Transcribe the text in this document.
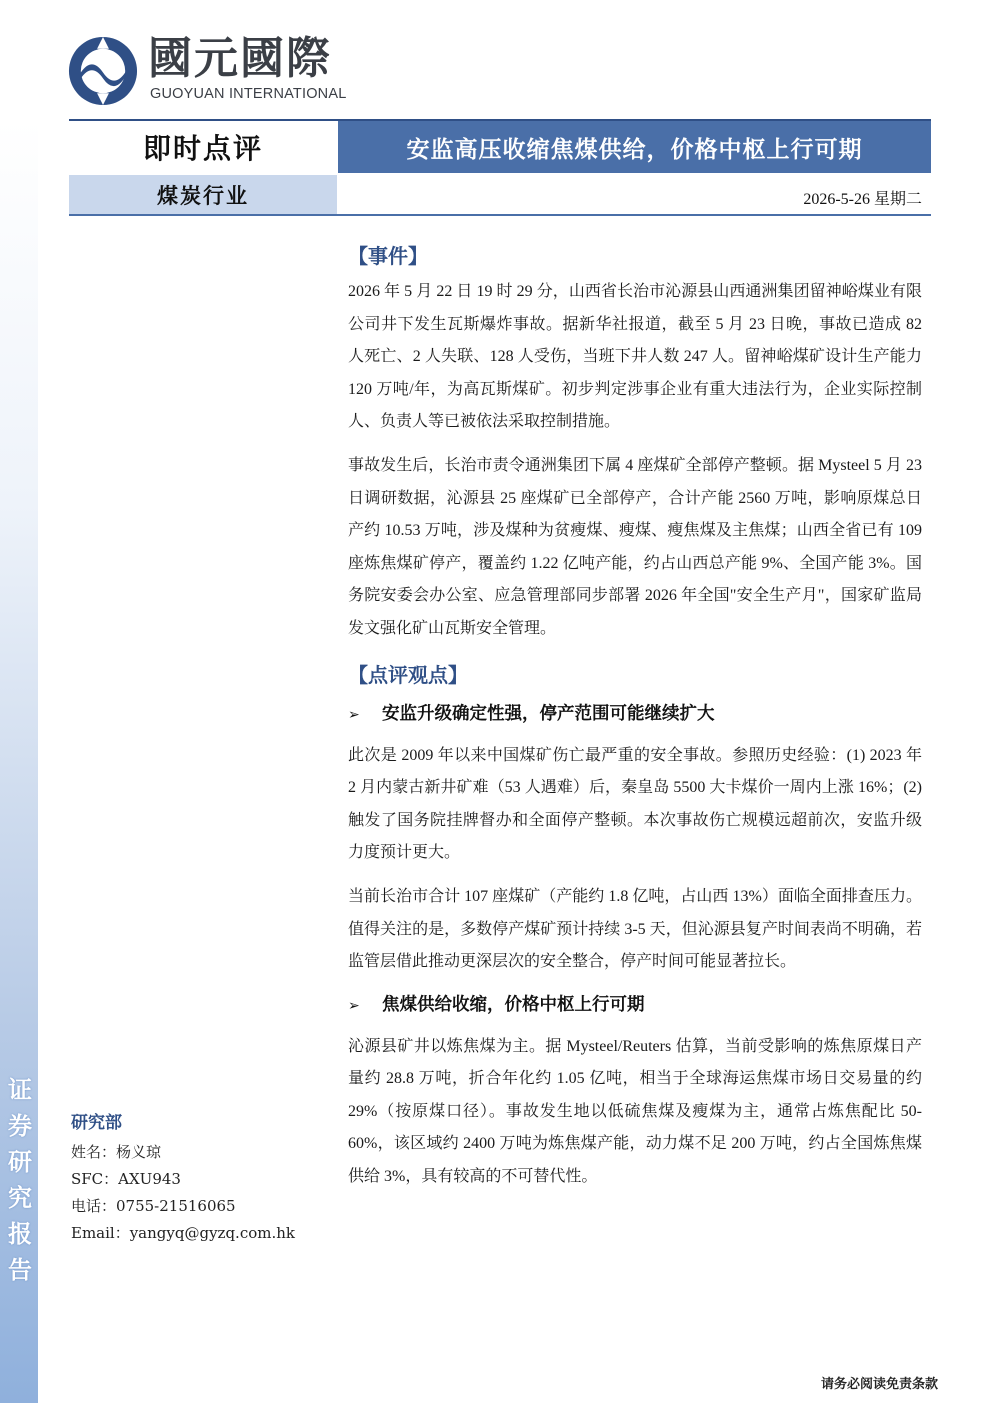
证券研究报告
國元國際
GUOYUAN INTERNATIONAL
即时点评	安监高压收缩焦煤供给，价格中枢上行可期
煤炭行业	2026-5-26 星期二
研究部
姓名：杨义琼
SFC：AXU943
电话：0755-21516065
Email：yangyq@gyzq.com.hk
【事件】

2026 年 5 月 22 日 19 时 29 分，山西省长治市沁源县山西通洲集团留神峪煤业有限公司井下发生瓦斯爆炸事故。据新华社报道，截至 5 月 23 日晚，事故已造成 82 人死亡、2 人失联、128 人受伤，当班下井人数 247 人。留神峪煤矿设计生产能力 120 万吨/年，为高瓦斯煤矿。初步判定涉事企业有重大违法行为，企业实际控制人、负责人等已被依法采取控制措施。

事故发生后，长治市责令通洲集团下属 4 座煤矿全部停产整顿。据 Mysteel 5 月 23 日调研数据，沁源县 25 座煤矿已全部停产，合计产能 2560 万吨，影响原煤总日产约 10.53 万吨，涉及煤种为贫瘦煤、瘦煤、瘦焦煤及主焦煤；山西全省已有 109 座炼焦煤矿停产，覆盖约 1.22 亿吨产能，约占山西总产能 9%、全国产能 3%。国务院安委会办公室、应急管理部同步部署 2026 年全国"安全生产月"，国家矿监局发文强化矿山瓦斯安全管理。

【点评观点】
➢ 安监升级确定性强，停产范围可能继续扩大

此次是 2009 年以来中国煤矿伤亡最严重的安全事故。参照历史经验：(1) 2023 年 2 月内蒙古新井矿难（53 人遇难）后，秦皇岛 5500 大卡煤价一周内上涨 16%；(2) 触发了国务院挂牌督办和全面停产整顿。本次事故伤亡规模远超前次，安监升级力度预计更大。

当前长治市合计 107 座煤矿（产能约 1.8 亿吨，占山西 13%）面临全面排查压力。值得关注的是，多数停产煤矿预计持续 3-5 天，但沁源县复产时间表尚不明确，若监管层借此推动更深层次的安全整合，停产时间可能显著拉长。

➢ 焦煤供给收缩，价格中枢上行可期

沁源县矿井以炼焦煤为主。据 Mysteel/Reuters 估算，当前受影响的炼焦原煤日产量约 28.8 万吨，折合年化约 1.05 亿吨，相当于全球海运焦煤市场日交易量的约 29%（按原煤口径）。事故发生地以低硫焦煤及瘦煤为主，通常占炼焦配比 50-60%，该区域约 2400 万吨为炼焦煤产能，动力煤不足 200 万吨，约占全国炼焦煤供给 3%，具有较高的不可替代性。

请务必阅读免责条款
